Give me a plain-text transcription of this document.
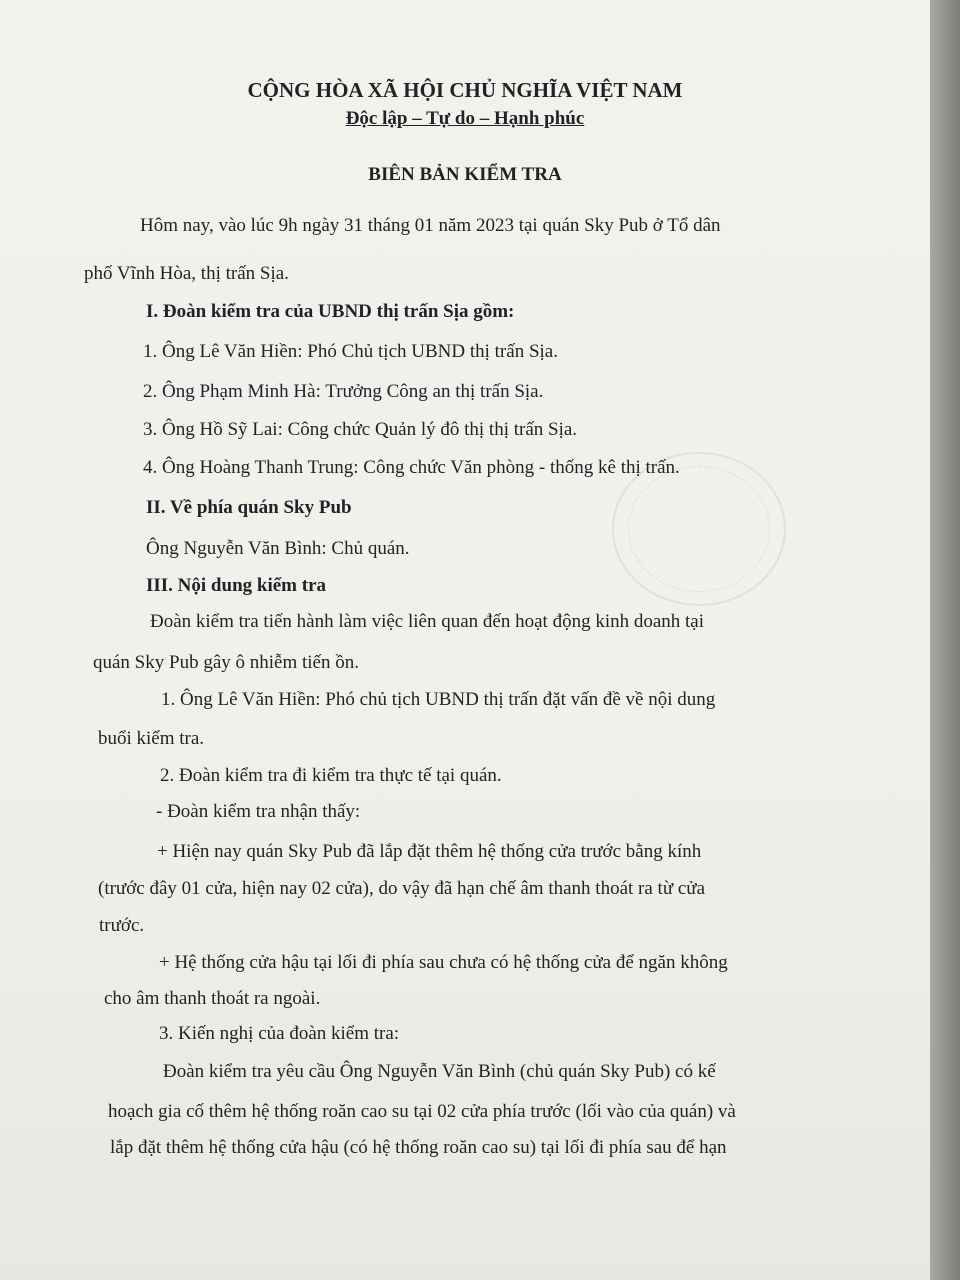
CỘNG HÒA XÃ HỘI CHỦ NGHĨA VIỆT NAM
Độc lập – Tự do – Hạnh phúc
BIÊN BẢN KIỂM TRA
Hôm nay, vào lúc 9h ngày 31 tháng 01 năm 2023 tại quán Sky Pub ở Tổ dân
phố Vĩnh Hòa, thị trấn Sịa.
I. Đoàn kiểm tra của UBND thị trấn Sịa gồm:
1. Ông Lê Văn Hiền: Phó Chủ tịch UBND thị trấn Sịa.
2. Ông Phạm Minh Hà: Trưởng Công an thị trấn Sịa.
3. Ông Hồ Sỹ Lai: Công chức Quản lý đô thị thị trấn Sịa.
4. Ông Hoàng Thanh Trung: Công chức Văn phòng - thống kê thị trấn.
II. Về phía quán Sky Pub
Ông Nguyễn Văn Bình: Chủ quán.
III. Nội dung kiểm tra
Đoàn kiểm tra tiến hành làm việc liên quan đến hoạt động kinh doanh tại
quán Sky Pub gây ô nhiễm tiến ồn.
1. Ông Lê Văn Hiền: Phó chủ tịch UBND thị trấn đặt vấn đề về nội dung
buổi kiểm tra.
2. Đoàn kiểm tra đi kiểm tra thực tế tại quán.
- Đoàn kiểm tra nhận thấy:
+ Hiện nay quán Sky Pub đã lắp đặt thêm hệ thống cửa trước bằng kính
(trước đây 01 cửa, hiện nay 02 cửa), do vậy đã hạn chế âm thanh thoát ra từ cửa
trước.
+ Hệ thống cửa hậu tại lối đi phía sau chưa có hệ thống cửa để ngăn không
cho âm thanh thoát ra ngoài.
3. Kiến nghị của đoàn kiểm tra:
Đoàn kiểm tra yêu cầu Ông Nguyễn Văn Bình (chủ quán Sky Pub) có kế
hoạch gia cố thêm hệ thống roăn cao su tại 02 cửa phía trước (lối vào của quán) và
lắp đặt thêm hệ thống cửa hậu (có hệ thống roăn cao su) tại lối đi phía sau để hạn
